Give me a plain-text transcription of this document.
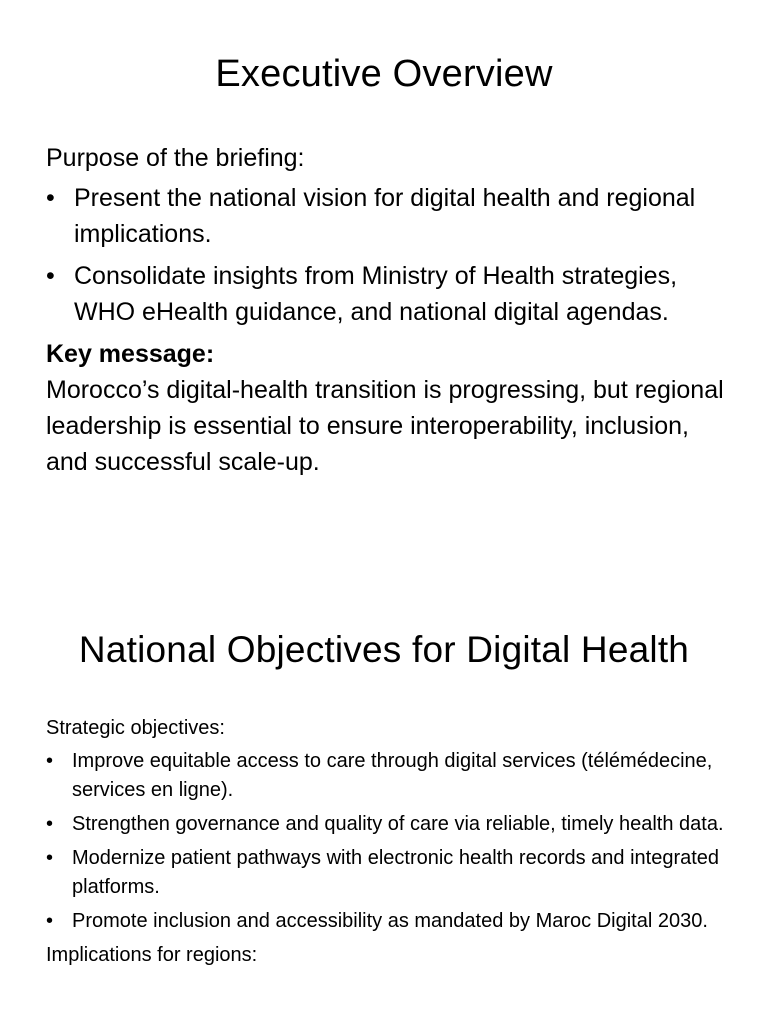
Executive Overview

Purpose of the briefing:

• Present the national vision for digital health and regional implications.
• Consolidate insights from Ministry of Health strategies, WHO eHealth guidance, and national digital agendas.

Key message:

Morocco’s digital-health transition is progressing, but regional leadership is essential to ensure interoperability, inclusion, and successful scale-up.

National Objectives for Digital Health

Strategic objectives:

• Improve equitable access to care through digital services (télémédecine, services en ligne).
• Strengthen governance and quality of care via reliable, timely health data.
• Modernize patient pathways with electronic health records and integrated platforms.
• Promote inclusion and accessibility as mandated by Maroc Digital 2030.

Implications for regions:
